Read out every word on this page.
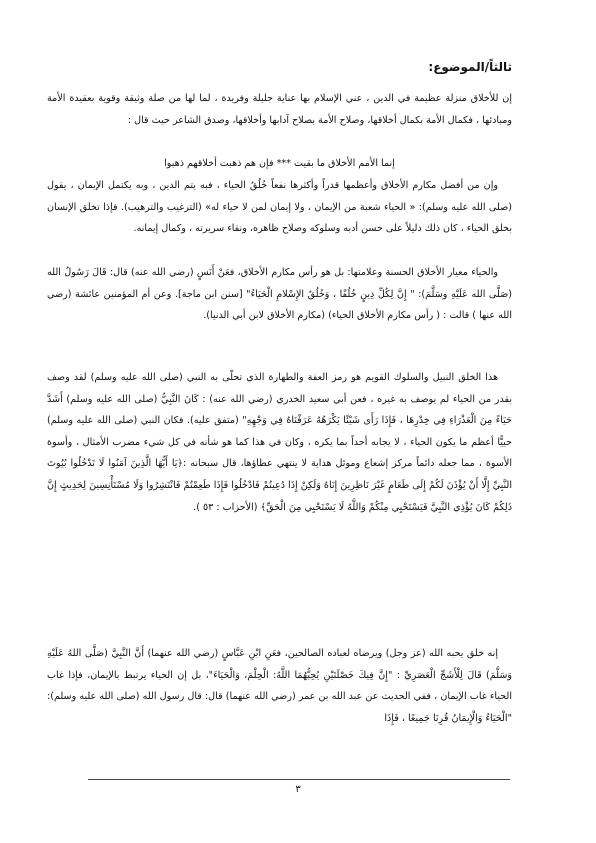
ثالثاً/الموضوع:

إن للأخلاق منزلة عظيمة في الدين ، عني الإسلام بها عناية جليلة وفريدة ، لما لها من صلة وثيقة وقوية بعقيدة الأمة ومبادئها ، فكمال الأمة بكمال أخلاقها، وصلاح الأمة بصلاح آدابها وأخلاقها، وصدق الشاعر حيث قال :

إنما الأمم الأخلاق ما بقيت *** فإن هم ذهبت أخلاقهم ذهبوا

وإن من أفضل مكارم الأخلاق وأعظمها قدراً وأكثرها نفعاً خُلُقُ الحياء ، فبه يتم الدين ، وبه يكتمل الإيمان ، يقول (صلى الله عليه وسلم): « الحياء شعبة من الإيمان ، ولا إيمان لمن لا حياء له» (الترغيب والترهيب). فإذا تخلق الإنسان بخلق الحياء ، كان ذلك دليلاً على حسن أدبه وسلوكه وصلاح ظاهره، ونقاء سريرته ، وكمال إيمانه.

والحياء معيار الأخلاق الحسنة وعلامتها: بل هو رأس مكارم الأخلاق، فعَنْ أَنَسٍ (رضي الله عنه) قال: قَالَ رَسُولُ الله (صَلَّى الله عَلَيْهِ وسَلَّمَ): " إِنَّ لِكُلِّ دِينٍ خُلُقًا ، وَخُلُقُ الإِسْلامِ الْحَيَاءُ" [سنن ابن ماجة]. وعن أم المؤمنين عائشة (رضي الله عنها ) قالت : ( رأس مكارم الأخلاق الحياء) (مكارم الأخلاق لابن أبي الدنيا).

هذا الخلق النبيل والسلوك القويم هو رمز العفة والطهارة الذي تحلّى به النبي (صلى الله عليه وسلم) لقد وصف بقدر من الحياء لم يوصف به غيره ، فعن أبي سعيد الخدري (رضي الله عنه) : كَانَ النَّبِيُّ (صلى الله عليه وسلم) أَشَدَّ حَيَاءً مِنَ الْعَذْرَاءِ فِي خِدْرِهَا ، فَإِذَا رَأَى شَيْئًا يَكْرَهُهُ عَرَفْنَاهُ فِي وَجْهِهِ" (متفق عليه). فكان النبي (صلى الله عليه وسلم) حييًّا أعظم ما يكون الحياء ، لا يجابه أحداً بما يكره ، وكان في هذا كما هو شأنه في كل شيء مضرب الأمثال ، وأسوة الأسوة ، مما جعله دائماً مركز إشعاع وموئل هداية لا ينتهي عطاؤها، قال سبحانه :﴿يَا أَيُّهَا الَّذِينَ آمَنُوا لَا تَدْخُلُوا بُيُوتَ النَّبِيِّ إِلَّا أَنْ يُؤْذَنَ لَكُمْ إِلَى طَعَامٍ غَيْرَ نَاظِرِينَ إِنَاهُ وَلَكِنْ إِذَا دُعِيتُمْ فَادْخُلُوا فَإِذَا طَعِمْتُمْ فَانْتَشِرُوا وَلَا مُسْتَأْنِسِينَ لِحَدِيثٍ إِنَّ ذَلِكُمْ كَانَ يُؤْذِي النَّبِيَّ فَيَسْتَحْيِي مِنْكُمْ وَاللَّهُ لَا يَسْتَحْيِي مِنَ الْحَقِّ﴾ (الأحزاب : ٥٣ ).

إنه خلق يحبه الله (عز وجل) ويرضاه لعباده الصالحين، فعَنِ ابْنِ عَبَّاسٍ (رضي الله عنهما) أَنَّ النَّبِيَّ (صَلَّى اللهُ عَلَيْهِ وَسَلَّمَ) قَالَ لِلْأَشَجِّ الْعَصَرِيِّ : "إِنَّ فِيكَ خَصْلَتَيْنِ يُحِبُّهُمَا اللَّهُ: الْحِلْمَ، وَالْحَيَاءَ"، بل إن الحياء يرتبط بالإيمان، فإذا غاب الحياء غاب الإيمان ، ففي الحديث عن عبد الله بن عمر (رضي الله عنهما) قال: قال رسول الله (صلى الله عليه وسلم): "الْحَيَاءُ وَالْإِيمَانُ قُرِنَا جَمِيعًا ، فَإِذَا

٣
